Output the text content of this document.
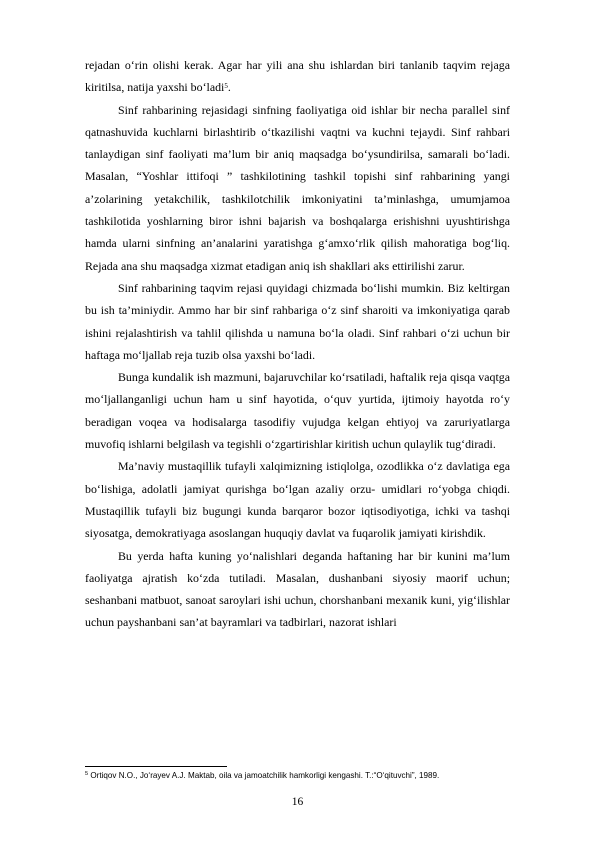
rejadan o‘rin olishi kerak. Agar har yili ana shu ishlardan biri tanlanib taqvim rejaga kiritilsa, natija yaxshi bo‘ladi$^5$.

Sinf rahbarining rejasidagi sinfning faoliyatiga oid ishlar bir necha parallel sinf qatnashuvida kuchlarni birlashtirib o‘tkazilishi vaqtni va kuchni tejaydi. Sinf rahbari tanlaydigan sinf faoliyati ma’lum bir aniq maqsadga bo‘ysundirilsa, samarali bo‘ladi. Masalan, “Yoshlar ittifoqi ” tashkilotining tashkil topishi sinf rahbarining yangi a’zolarining yetakchilik, tashkilotchilik imkoniyatini ta’minlashga, umumjamoa tashkilotida yoshlarning biror ishni bajarish va boshqalarga erishishni uyushtirishga hamda ularni sinfning an’analarini yaratishga g‘amxo‘rlik qilish mahoratiga bog‘liq. Rejada ana shu maqsadga xizmat etadigan aniq ish shakllari aks ettirilishi zarur.

Sinf rahbarining taqvim rejasi quyidagi chizmada bo‘lishi mumkin. Biz keltirgan bu ish ta’miniydir. Ammo har bir sinf rahbariga o‘z sinf sharoiti va imkoniyatiga qarab ishini rejalashtirish va tahlil qilishda u namuna bo‘la oladi. Sinf rahbari o‘zi uchun bir haftaga mo‘ljallab reja tuzib olsa yaxshi bo‘ladi.

Bunga kundalik ish mazmuni, bajaruvchilar ko‘rsatiladi, haftalik reja qisqa vaqtga mo‘ljallanganligi uchun ham u sinf hayotida, o‘quv yurtida, ijtimoiy hayotda ro‘y beradigan voqea va hodisalarga tasodifiy vujudga kelgan ehtiyoj va zaruriyatlarga muvofiq ishlarni belgilash va tegishli o‘zgartirishlar kiritish uchun qulaylik tug‘diradi.

Ma’naviy mustaqillik tufayli xalqimizning istiqlolga, ozodlikka o‘z davlatiga ega bo‘lishiga, adolatli jamiyat qurishga bo‘lgan azaliy orzu- umidlari ro‘yobga chiqdi. Mustaqillik tufayli biz bugungi kunda barqaror bozor iqtisodiyotiga, ichki va tashqi siyosatga, demokratiyaga asoslangan huquqiy davlat va fuqarolik jamiyati kirishdik.

Bu yerda hafta kuning yo‘nalishlari deganda haftaning har bir kunini ma’lum faoliyatga ajratish ko‘zda tutiladi. Masalan, dushanbani siyosiy maorif uchun; seshanbani matbuot, sanoat saroylari ishi uchun, chorshanbani mexanik kuni, yig‘ilishlar uchun payshanbani san’at bayramlari va tadbirlari, nazorat ishlari

$^5$ Ortiqov N.O., Jo‘rayev A.J. Maktab, oila va jamoatchilik hamkorligi kengashi. T.:“O‘qituvchi”, 1989.
16
